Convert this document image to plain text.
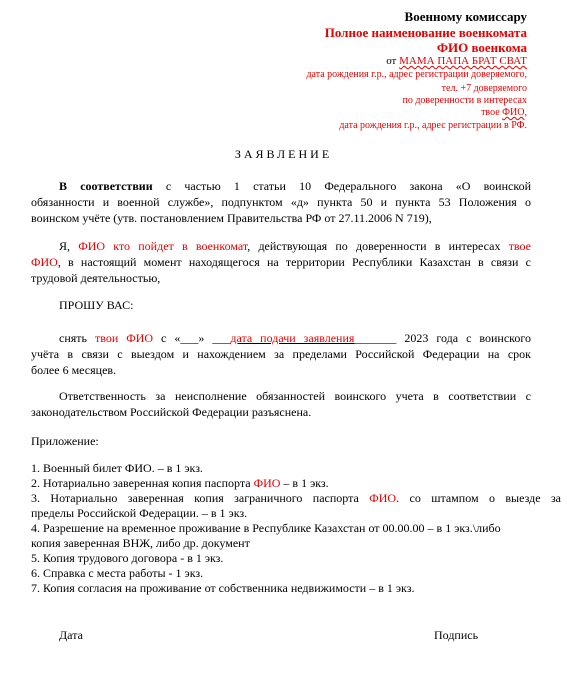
Военному комиссару
Полное наименование военкомата
ФИО военкома
от МАМА ПАПА БРАТ СВАТ
дата рождения г.р., адрес регистрации доверяемого,
тел. +7 доверяемого
по доверенности в интересах
твое ФИО,
дата рождения г.р., адрес регистрации в РФ.
ЗАЯВЛЕНИЕ
В соответствии с частью 1 статьи 10 Федерального закона «О воинской
обязанности и военной службе», подпунктом «д» пункта 50 и пункта 53 Положения о
воинском учёте (утв. постановлением Правительства РФ от 27.11.2006 N 719),
Я, ФИО кто пойдет в военкомат, действующая по доверенности в интересах твое
ФИО, в настоящий момент находящегося на территории Республики Казахстан в связи с
трудовой деятельностью,
ПРОШУ ВАС:
снять твои ФИО с «___» ___дата подачи заявления_______ 2023 года с воинского
учёта в связи с выездом и нахождением за пределами Российской Федерации на срок
более 6 месяцев.
Ответственность за неисполнение обязанностей воинского учета в соответствии с
законодательством Российской Федерации разъяснена.
Приложение:
1. Военный билет ФИО. – в 1 экз.
2. Нотариально заверенная копия паспорта ФИО – в 1 экз.
3. Нотариально заверенная копия заграничного паспорта ФИО. со штампом о выезде за
пределы Российской Федерации. – в 1 экз.
4. Разрешение на временное проживание в Республике Казахстан от 00.00.00 – в 1 экз.\либо
копия заверенная ВНЖ, либо др. документ
5. Копия трудового договора - в 1 экз.
6. Справка с места работы - 1 экз.
7. Копия согласия на проживание от собственника недвижимости – в 1 экз.
Дата	Подпись
